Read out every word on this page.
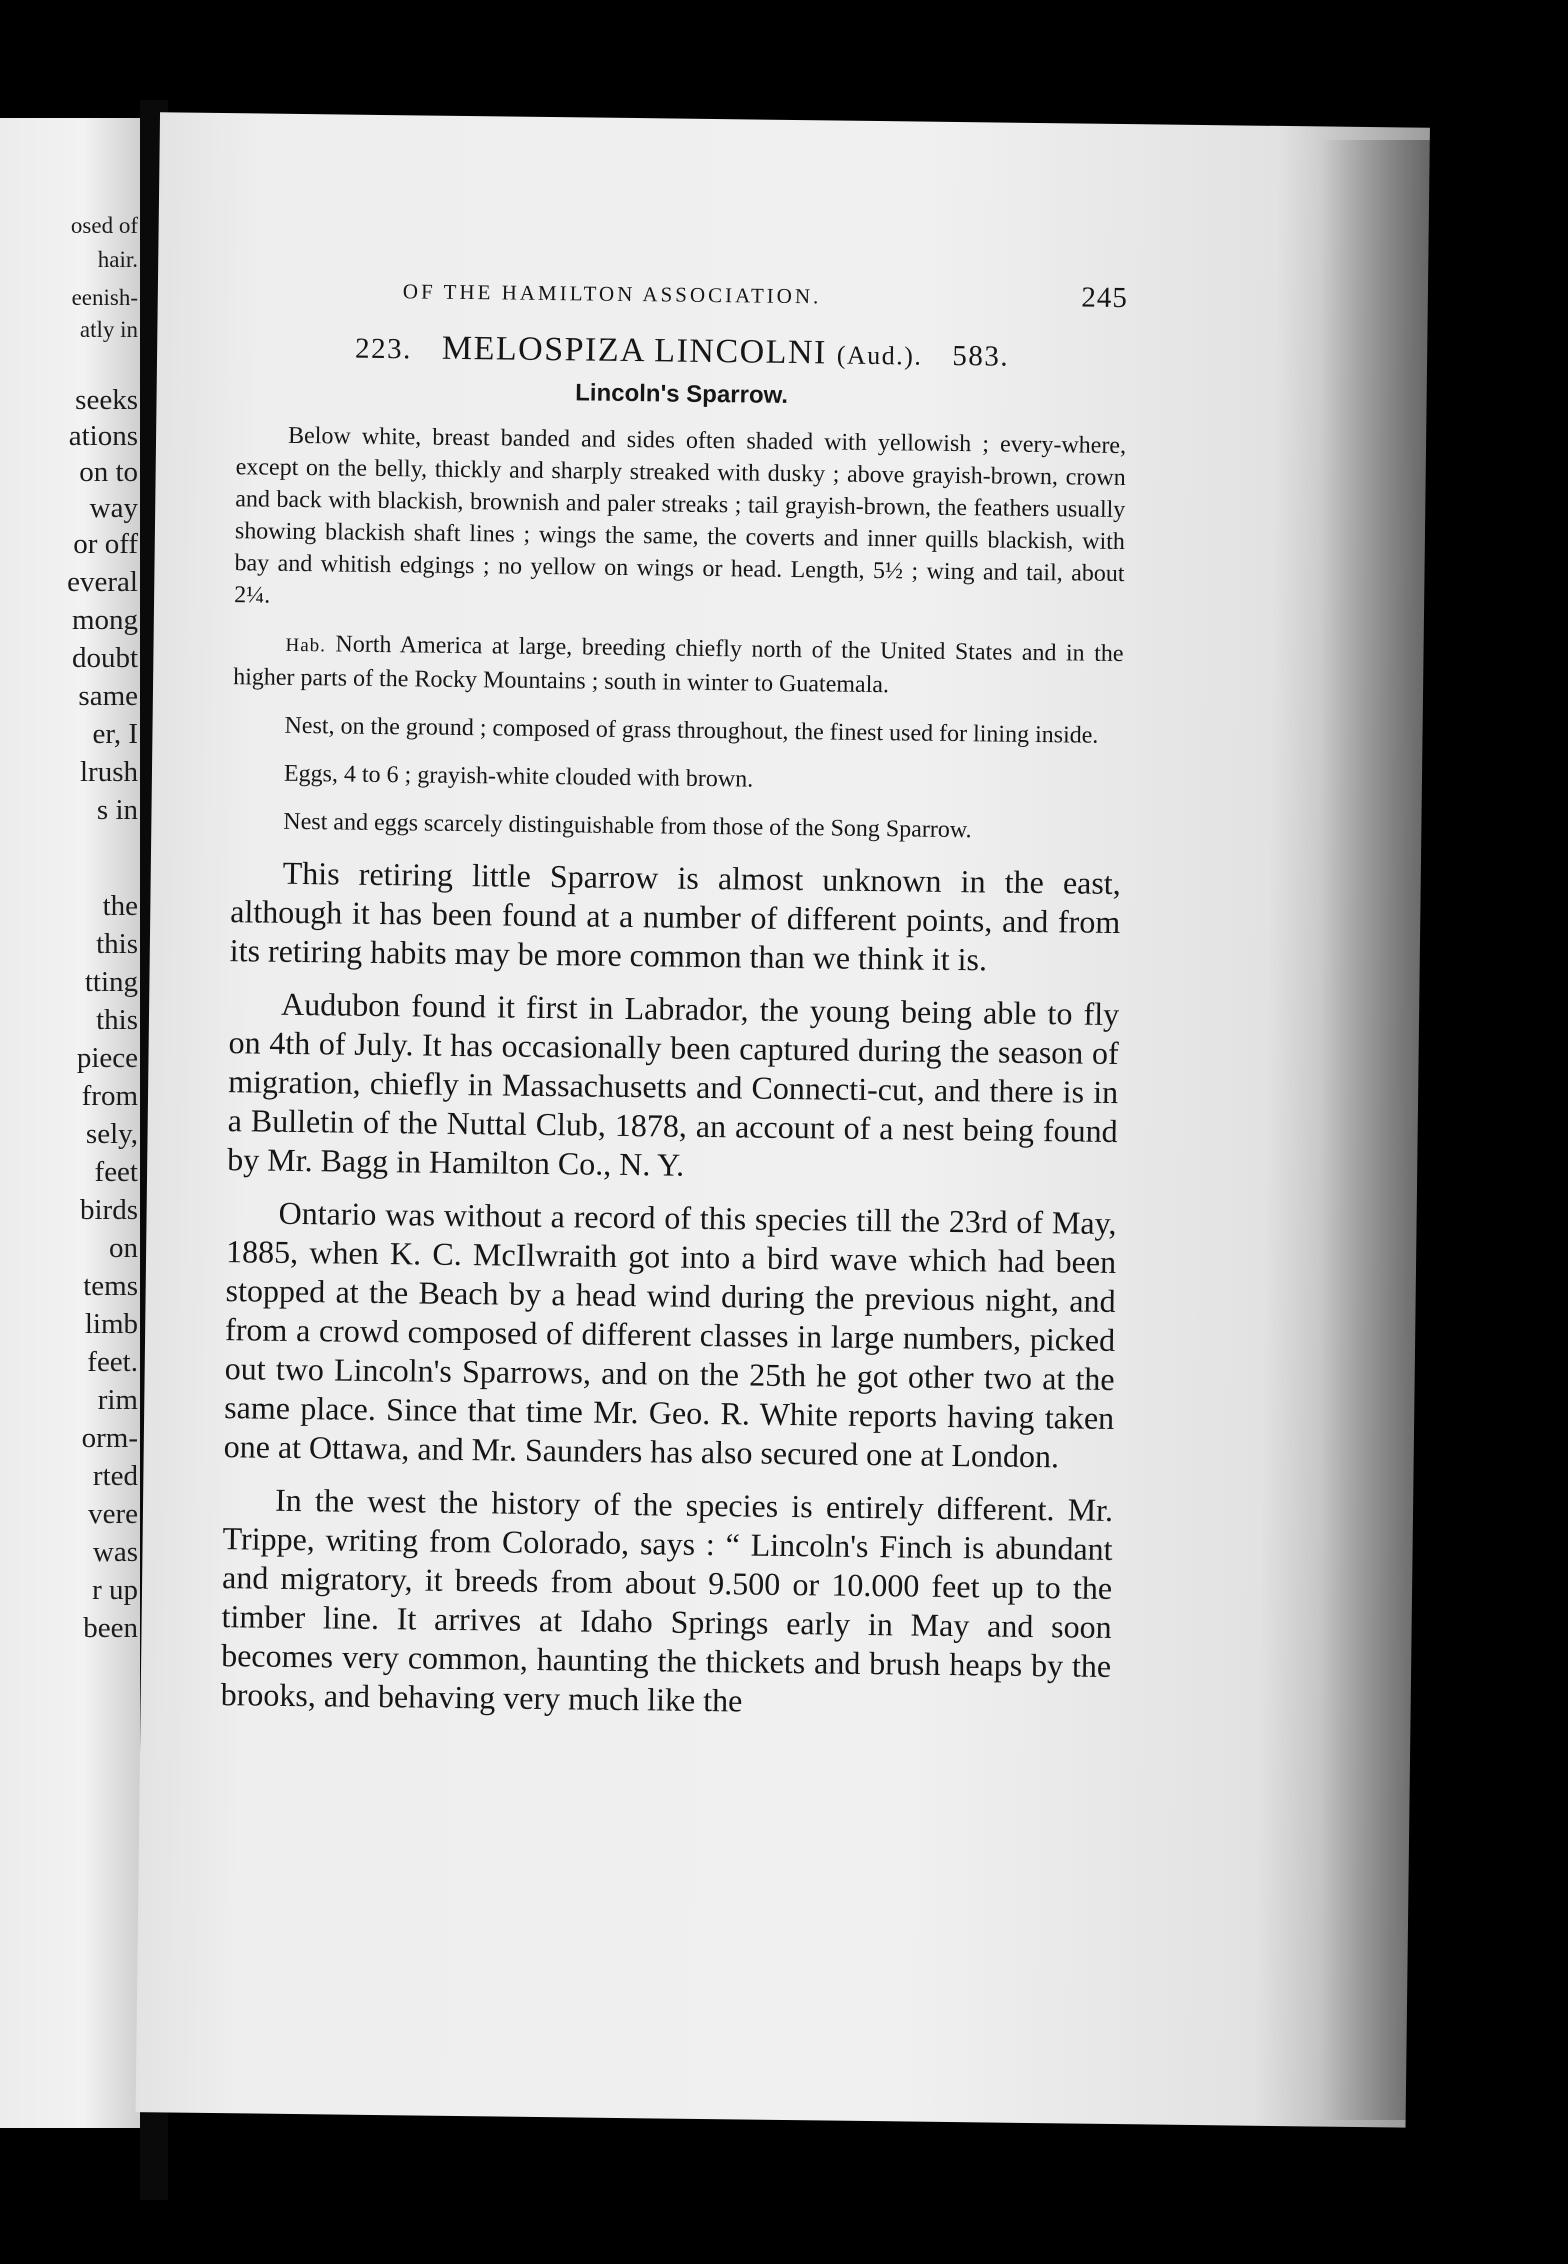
osed of
hair.
eenish-
atly in
seeks
ations
on to
way
or off
everal
mong
doubt
same
er, I
lrush
s in
the
this
tting
this
piece
from
sely,
feet
birds
on
tems
limb
feet.
rim
orm-
rted
vere
was
r up
been
OF THE HAMILTON ASSOCIATION.	245
223. MELOSPIZA LINCOLNI (Aud.). 583.
Lincoln's Sparrow.

Below white, breast banded and sides often shaded with yellowish ; every-where, except on the belly, thickly and sharply streaked with dusky ; above grayish-brown, crown and back with blackish, brownish and paler streaks ; tail grayish-brown, the feathers usually showing blackish shaft lines ; wings the same, the coverts and inner quills blackish, with bay and whitish edgings ; no yellow on wings or head. Length, 5½ ; wing and tail, about 2¼.

Hab. North America at large, breeding chiefly north of the United States and in the higher parts of the Rocky Mountains ; south in winter to Guatemala.

Nest, on the ground ; composed of grass throughout, the finest used for lining inside.

Eggs, 4 to 6 ; grayish-white clouded with brown.

Nest and eggs scarcely distinguishable from those of the Song Sparrow.

This retiring little Sparrow is almost unknown in the east, although it has been found at a number of different points, and from its retiring habits may be more common than we think it is.

Audubon found it first in Labrador, the young being able to fly on 4th of July. It has occasionally been captured during the season of migration, chiefly in Massachusetts and Connecti-cut, and there is in a Bulletin of the Nuttal Club, 1878, an account of a nest being found by Mr. Bagg in Hamilton Co., N. Y.

Ontario was without a record of this species till the 23rd of May, 1885, when K. C. McIlwraith got into a bird wave which had been stopped at the Beach by a head wind during the previous night, and from a crowd composed of different classes in large numbers, picked out two Lincoln's Sparrows, and on the 25th he got other two at the same place. Since that time Mr. Geo. R. White reports having taken one at Ottawa, and Mr. Saunders has also secured one at London.

In the west the history of the species is entirely different. Mr. Trippe, writing from Colorado, says : “ Lincoln's Finch is abundant and migratory, it breeds from about 9.500 or 10.000 feet up to the timber line. It arrives at Idaho Springs early in May and soon becomes very common, haunting the thickets and brush heaps by the brooks, and behaving very much like the
